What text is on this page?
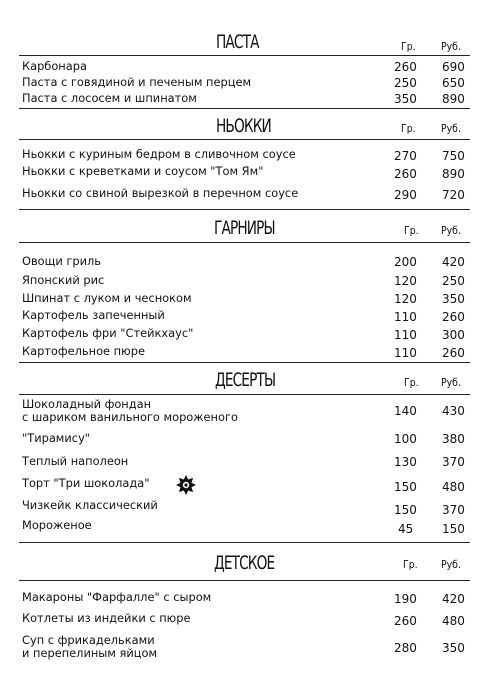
ПАСТА	Гр. Руб.
Карбонара	260 690
Паста с говядиной и печеным перцем	250 650
Паста с лососем и шпинатом	350 890
НЬОККИ	Гр. Руб.
Ньокки с куриным бедром в сливочном соусе	270 750
Ньокки с креветками и соусом "Том Ям"	260 890
Ньокки со свиной вырезкой в перечном соусе	290 720
ГАРНИРЫ	Гр. Руб.
Овощи гриль	200 420
Японский рис	120 250
Шпинат с луком и чесноком	120 350
Картофель запеченный	110 260
Картофель фри "Стейкхаус"	110 300
Картофельное пюре	110 260
ДЕСЕРТЫ	Гр. Руб.
Шоколадный фондан
с шариком ванильного мороженого	140 430
"Тирамису"	100 380
Теплый наполеон	130 370
Торт "Три шоколада"	150 480
Чизкейк классический	150 370
Мороженое	45 150
ДЕТСКОЕ	Гр. Руб.
Макароны "Фарфалле" с сыром	190 420
Котлеты из индейки с пюре	260 480
Суп с фрикадельками
и перепелиным яйцом	280 350
